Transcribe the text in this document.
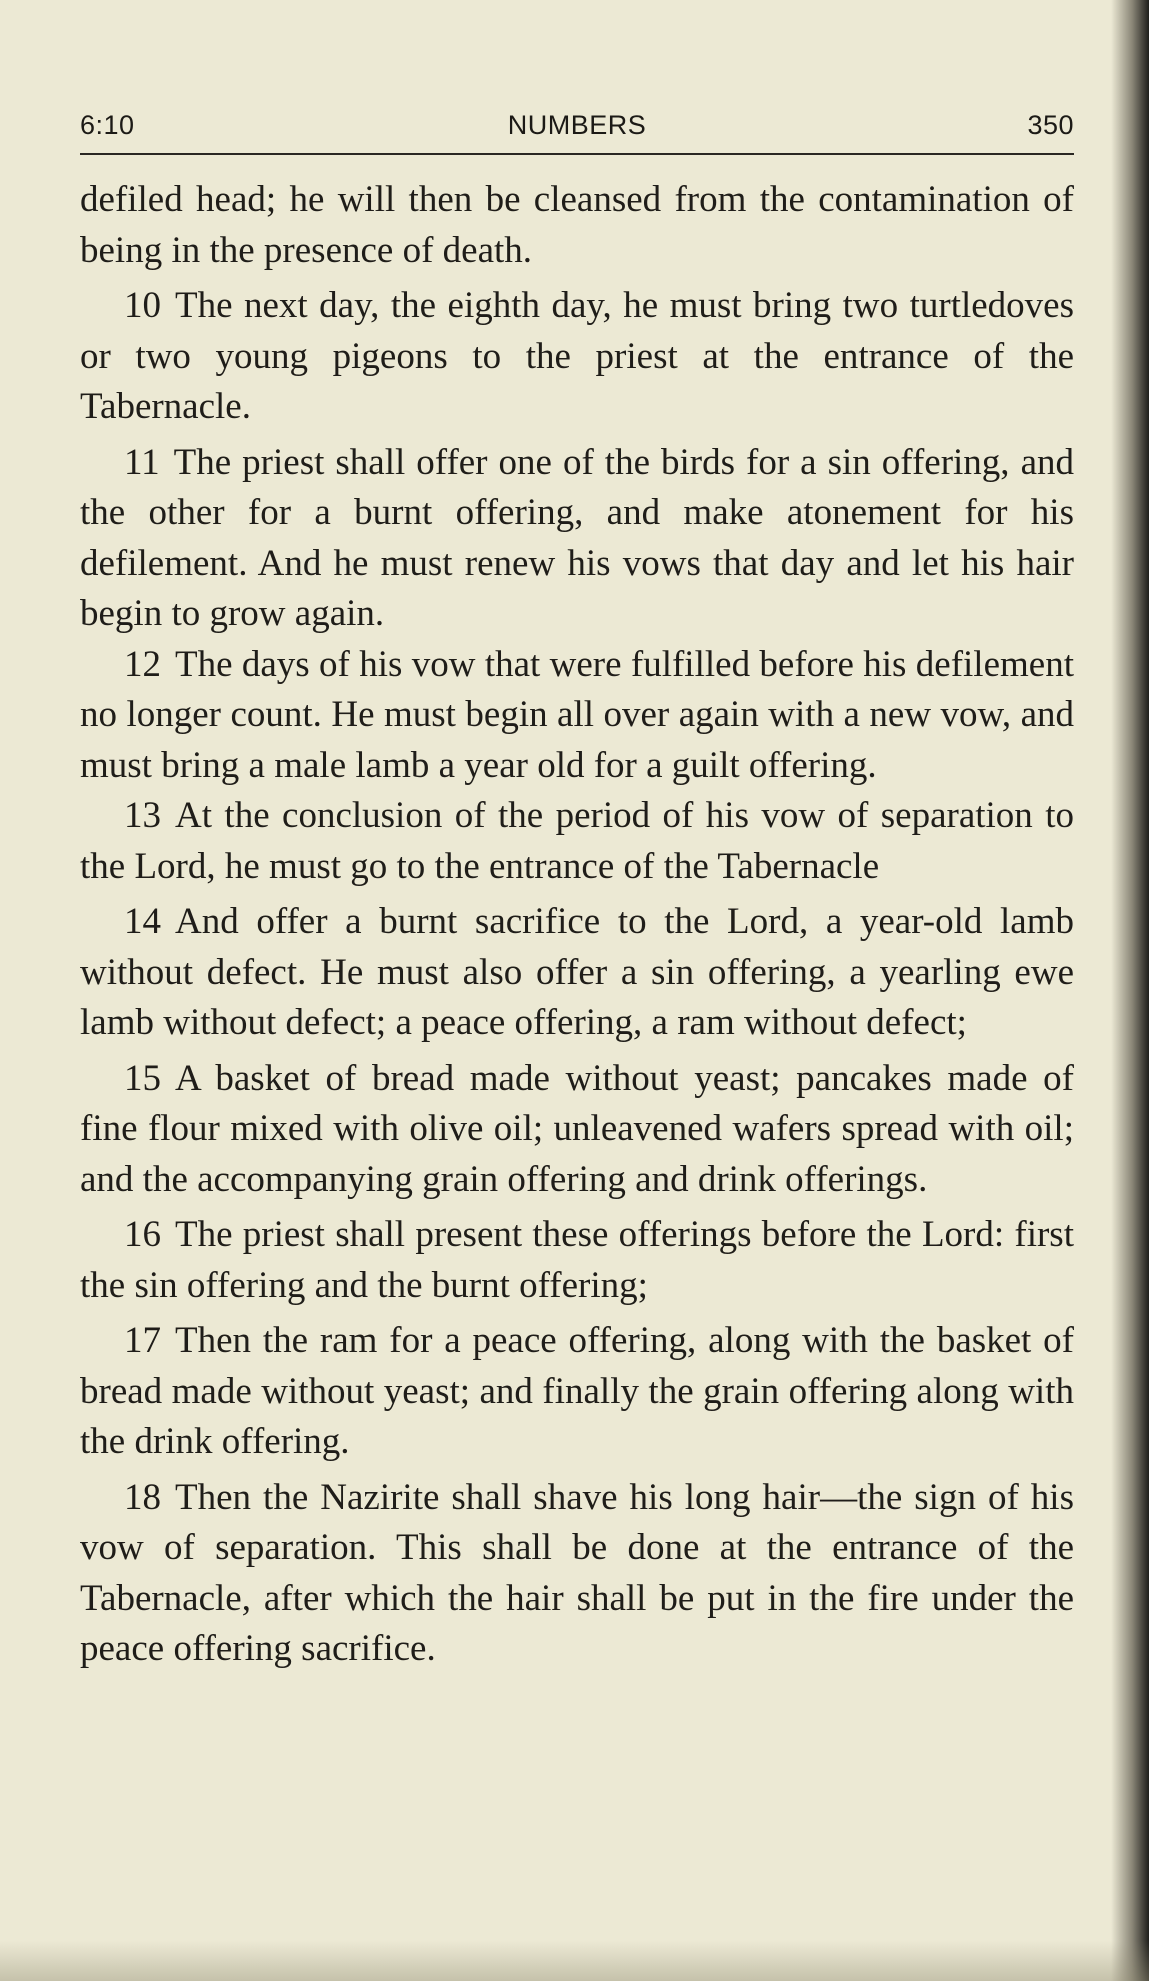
6:10	NUMBERS	350

defiled head; he will then be cleansed from the contamination of being in the presence of death.

10 The next day, the eighth day, he must bring two turtledoves or two young pigeons to the priest at the entrance of the Tabernacle.

11 The priest shall offer one of the birds for a sin offering, and the other for a burnt offering, and make atonement for his defilement. And he must renew his vows that day and let his hair begin to grow again.

12 The days of his vow that were fulfilled before his defilement no longer count. He must begin all over again with a new vow, and must bring a male lamb a year old for a guilt offering.

13 At the conclusion of the period of his vow of separation to the Lord, he must go to the entrance of the Tabernacle

14 And offer a burnt sacrifice to the Lord, a year-old lamb without defect. He must also offer a sin offering, a yearling ewe lamb without defect; a peace offering, a ram without defect;

15 A basket of bread made without yeast; pancakes made of fine flour mixed with olive oil; unleavened wafers spread with oil; and the accompanying grain offering and drink offerings.

16 The priest shall present these offerings before the Lord: first the sin offering and the burnt offering;

17 Then the ram for a peace offering, along with the basket of bread made without yeast; and finally the grain offering along with the drink offering.

18 Then the Nazirite shall shave his long hair—the sign of his vow of separation. This shall be done at the entrance of the Tabernacle, after which the hair shall be put in the fire under the peace offering sacrifice.
